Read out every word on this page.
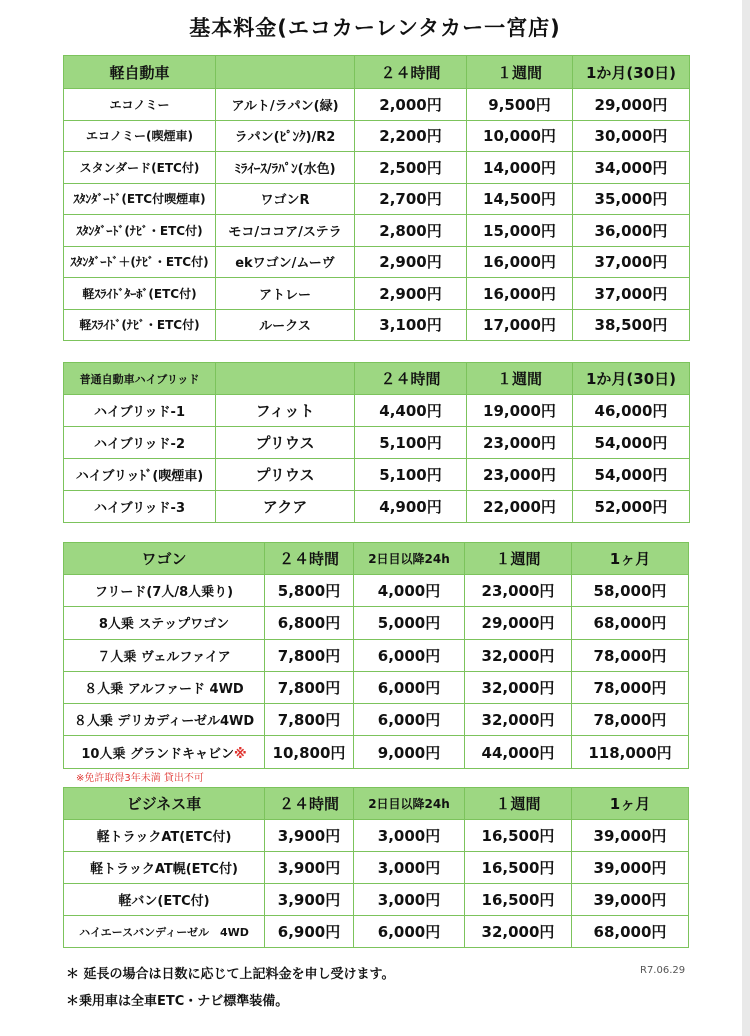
基本料金(エコカーレンタカー一宮店)
軽自動車		２４時間	１週間	1か月(30日)
エコノミー	アルト/ラパン(緑)	2,000円	9,500円	29,000円
エコノミー(喫煙車)	ラパン(ﾋﾟﾝｸ)/R2	2,200円	10,000円	30,000円
スタンダード(ETC付)	ﾐﾗｲｰｽ/ﾗﾊﾟﾝ(水色)	2,500円	14,000円	34,000円
ｽﾀﾝﾀﾞｰﾄﾞ(ETC付喫煙車)	ワゴンR	2,700円	14,500円	35,000円
ｽﾀﾝﾀﾞｰﾄﾞ(ﾅﾋﾞ・ETC付)	モコ/ココア/ステラ	2,800円	15,000円	36,000円
ｽﾀﾝﾀﾞｰﾄﾞ＋(ﾅﾋﾞ・ETC付)	ekワゴン/ムーヴ	2,900円	16,000円	37,000円
軽ｽﾗｲﾄﾞﾀｰﾎﾞ(ETC付)	アトレー	2,900円	16,000円	37,000円
軽ｽﾗｲﾄﾞ(ﾅﾋﾞ・ETC付)	ルークス	3,100円	17,000円	38,500円
普通自動車ハイブリッド		２４時間	１週間	1か月(30日)
ハイブリッド-1	フィット	4,400円	19,000円	46,000円
ハイブリッド-2	プリウス	5,100円	23,000円	54,000円
ハイブリッﾄﾞ(喫煙車)	プリウス	5,100円	23,000円	54,000円
ハイブリッド-3	アクア	4,900円	22,000円	52,000円
ワゴン	２４時間	2日目以降24h	１週間	1ヶ月
フリード(7人/8人乗り)	5,800円	4,000円	23,000円	58,000円
8人乗 ステップワゴン	6,800円	5,000円	29,000円	68,000円
７人乗 ヴェルファイア	7,800円	6,000円	32,000円	78,000円
８人乗 アルファード 4WD	7,800円	6,000円	32,000円	78,000円
８人乗 デリカディーゼル4WD	7,800円	6,000円	32,000円	78,000円
10人乗 グランドキャビン※	10,800円	9,000円	44,000円	118,000円
※免許取得3年未満 貸出不可
ビジネス車	２４時間	2日目以降24h	１週間	1ヶ月
軽トラックAT(ETC付)	3,900円	3,000円	16,500円	39,000円
軽トラックAT幌(ETC付)	3,900円	3,000円	16,500円	39,000円
軽バン(ETC付)	3,900円	3,000円	16,500円	39,000円
ハイエースバンディーゼル　4WD	6,900円	6,000円	32,000円	68,000円
＊ 延長の場合は日数に応じて上記料金を申し受けます。
＊乗用車は全車ETC・ナビ標準装備。
R7.06.29
